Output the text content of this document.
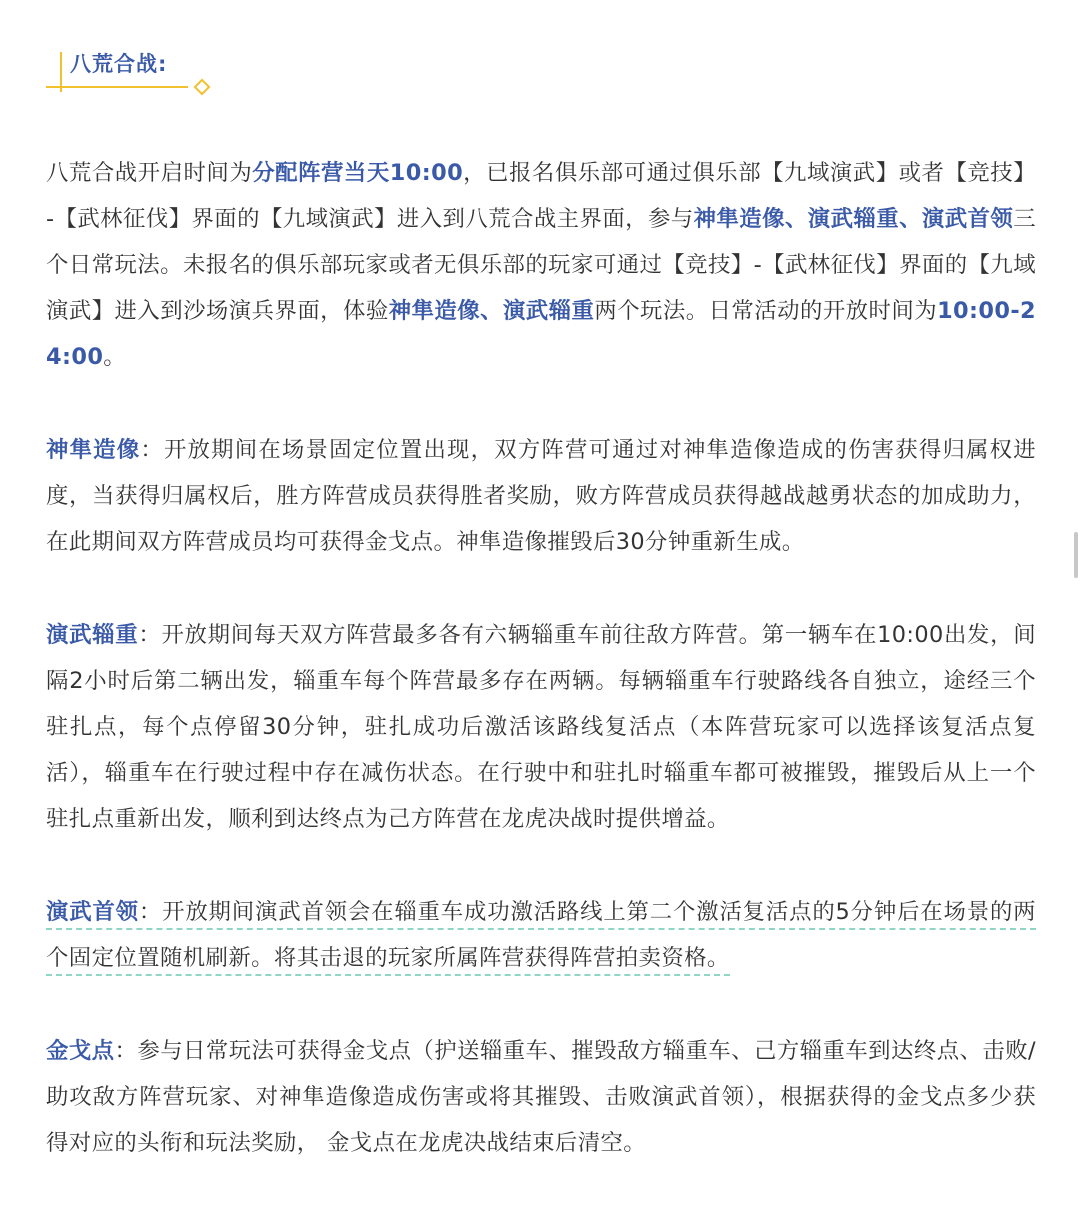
八荒合战:

八荒合战开启时间为分配阵营当天10:00，已报名俱乐部可通过俱乐部【九域演武】或者【竞技】-【武林征伐】界面的【九域演武】进入到八荒合战主界面，参与神隼造像、演武辎重、演武首领三个日常玩法。未报名的俱乐部玩家或者无俱乐部的玩家可通过【竞技】-【武林征伐】界面的【九域演武】进入到沙场演兵界面，体验神隼造像、演武辎重两个玩法。日常活动的开放时间为10:00-24:00。

神隼造像：开放期间在场景固定位置出现，双方阵营可通过对神隼造像造成的伤害获得归属权进度，当获得归属权后，胜方阵营成员获得胜者奖励，败方阵营成员获得越战越勇状态的加成助力，在此期间双方阵营成员均可获得金戈点。神隼造像摧毁后30分钟重新生成。

演武辎重：开放期间每天双方阵营最多各有六辆辎重车前往敌方阵营。第一辆车在10:00出发，间隔2小时后第二辆出发，辎重车每个阵营最多存在两辆。每辆辎重车行驶路线各自独立，途经三个驻扎点，每个点停留30分钟，驻扎成功后激活该路线复活点（本阵营玩家可以选择该复活点复活），辎重车在行驶过程中存在减伤状态。在行驶中和驻扎时辎重车都可被摧毁，摧毁后从上一个驻扎点重新出发，顺利到达终点为己方阵营在龙虎决战时提供增益。

演武首领：开放期间演武首领会在辎重车成功激活路线上第二个激活复活点的5分钟后在场景的两个固定位置随机刷新。将其击退的玩家所属阵营获得阵营拍卖资格。

金戈点：参与日常玩法可获得金戈点（护送辎重车、摧毁敌方辎重车、己方辎重车到达终点、击败/助攻敌方阵营玩家、对神隼造像造成伤害或将其摧毁、击败演武首领），根据获得的金戈点多少获得对应的头衔和玩法奖励， 金戈点在龙虎决战结束后清空。
